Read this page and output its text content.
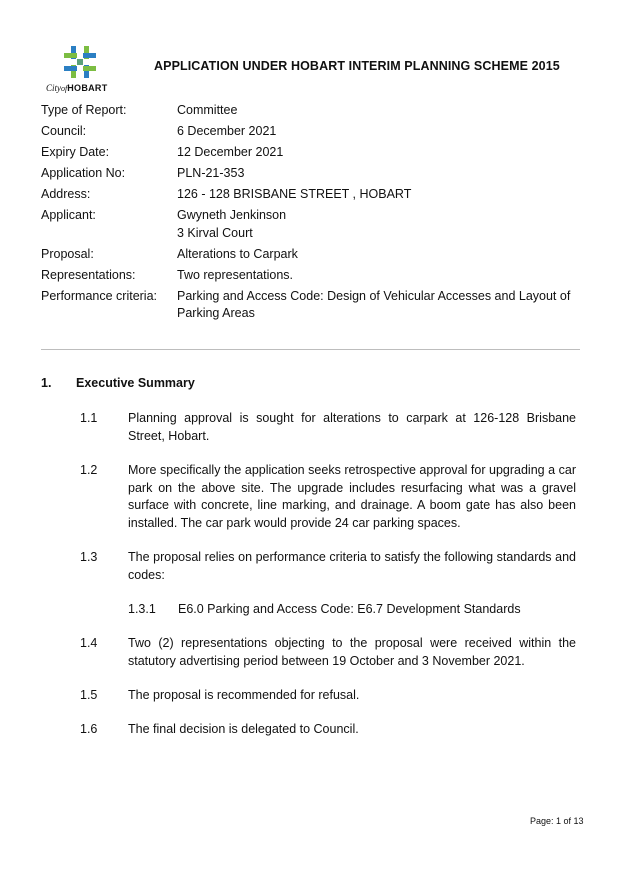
CityofHOBART
APPLICATION UNDER HOBART INTERIM PLANNING SCHEME 2015
Type of Report:	Committee
Council:	6 December 2021
Expiry Date:	12 December 2021
Application No:	PLN-21-353
Address:	126 - 128 BRISBANE STREET , HOBART
Applicant:	Gwyneth Jenkinson
3 Kirval Court
Proposal:	Alterations to Carpark
Representations:	Two representations.
Performance criteria:	Parking and Access Code: Design of Vehicular Accesses and Layout of
Parking Areas
1. Executive Summary
1.1	Planning approval is sought for alterations to carpark at 126-128 Brisbane Street, Hobart.
1.2	More specifically the application seeks retrospective approval for upgrading a car park on the above site. The upgrade includes resurfacing what was a gravel surface with concrete, line marking, and drainage. A boom gate has also been installed. The car park would provide 24 car parking spaces.
1.3	The proposal relies on performance criteria to satisfy the following standards and codes:
1.3.1	E6.0 Parking and Access Code: E6.7 Development Standards
1.4	Two (2) representations objecting to the proposal were received within the statutory advertising period between 19 October and 3 November 2021.
1.5	The proposal is recommended for refusal.
1.6	The final decision is delegated to Council.
Page: 1 of 13
